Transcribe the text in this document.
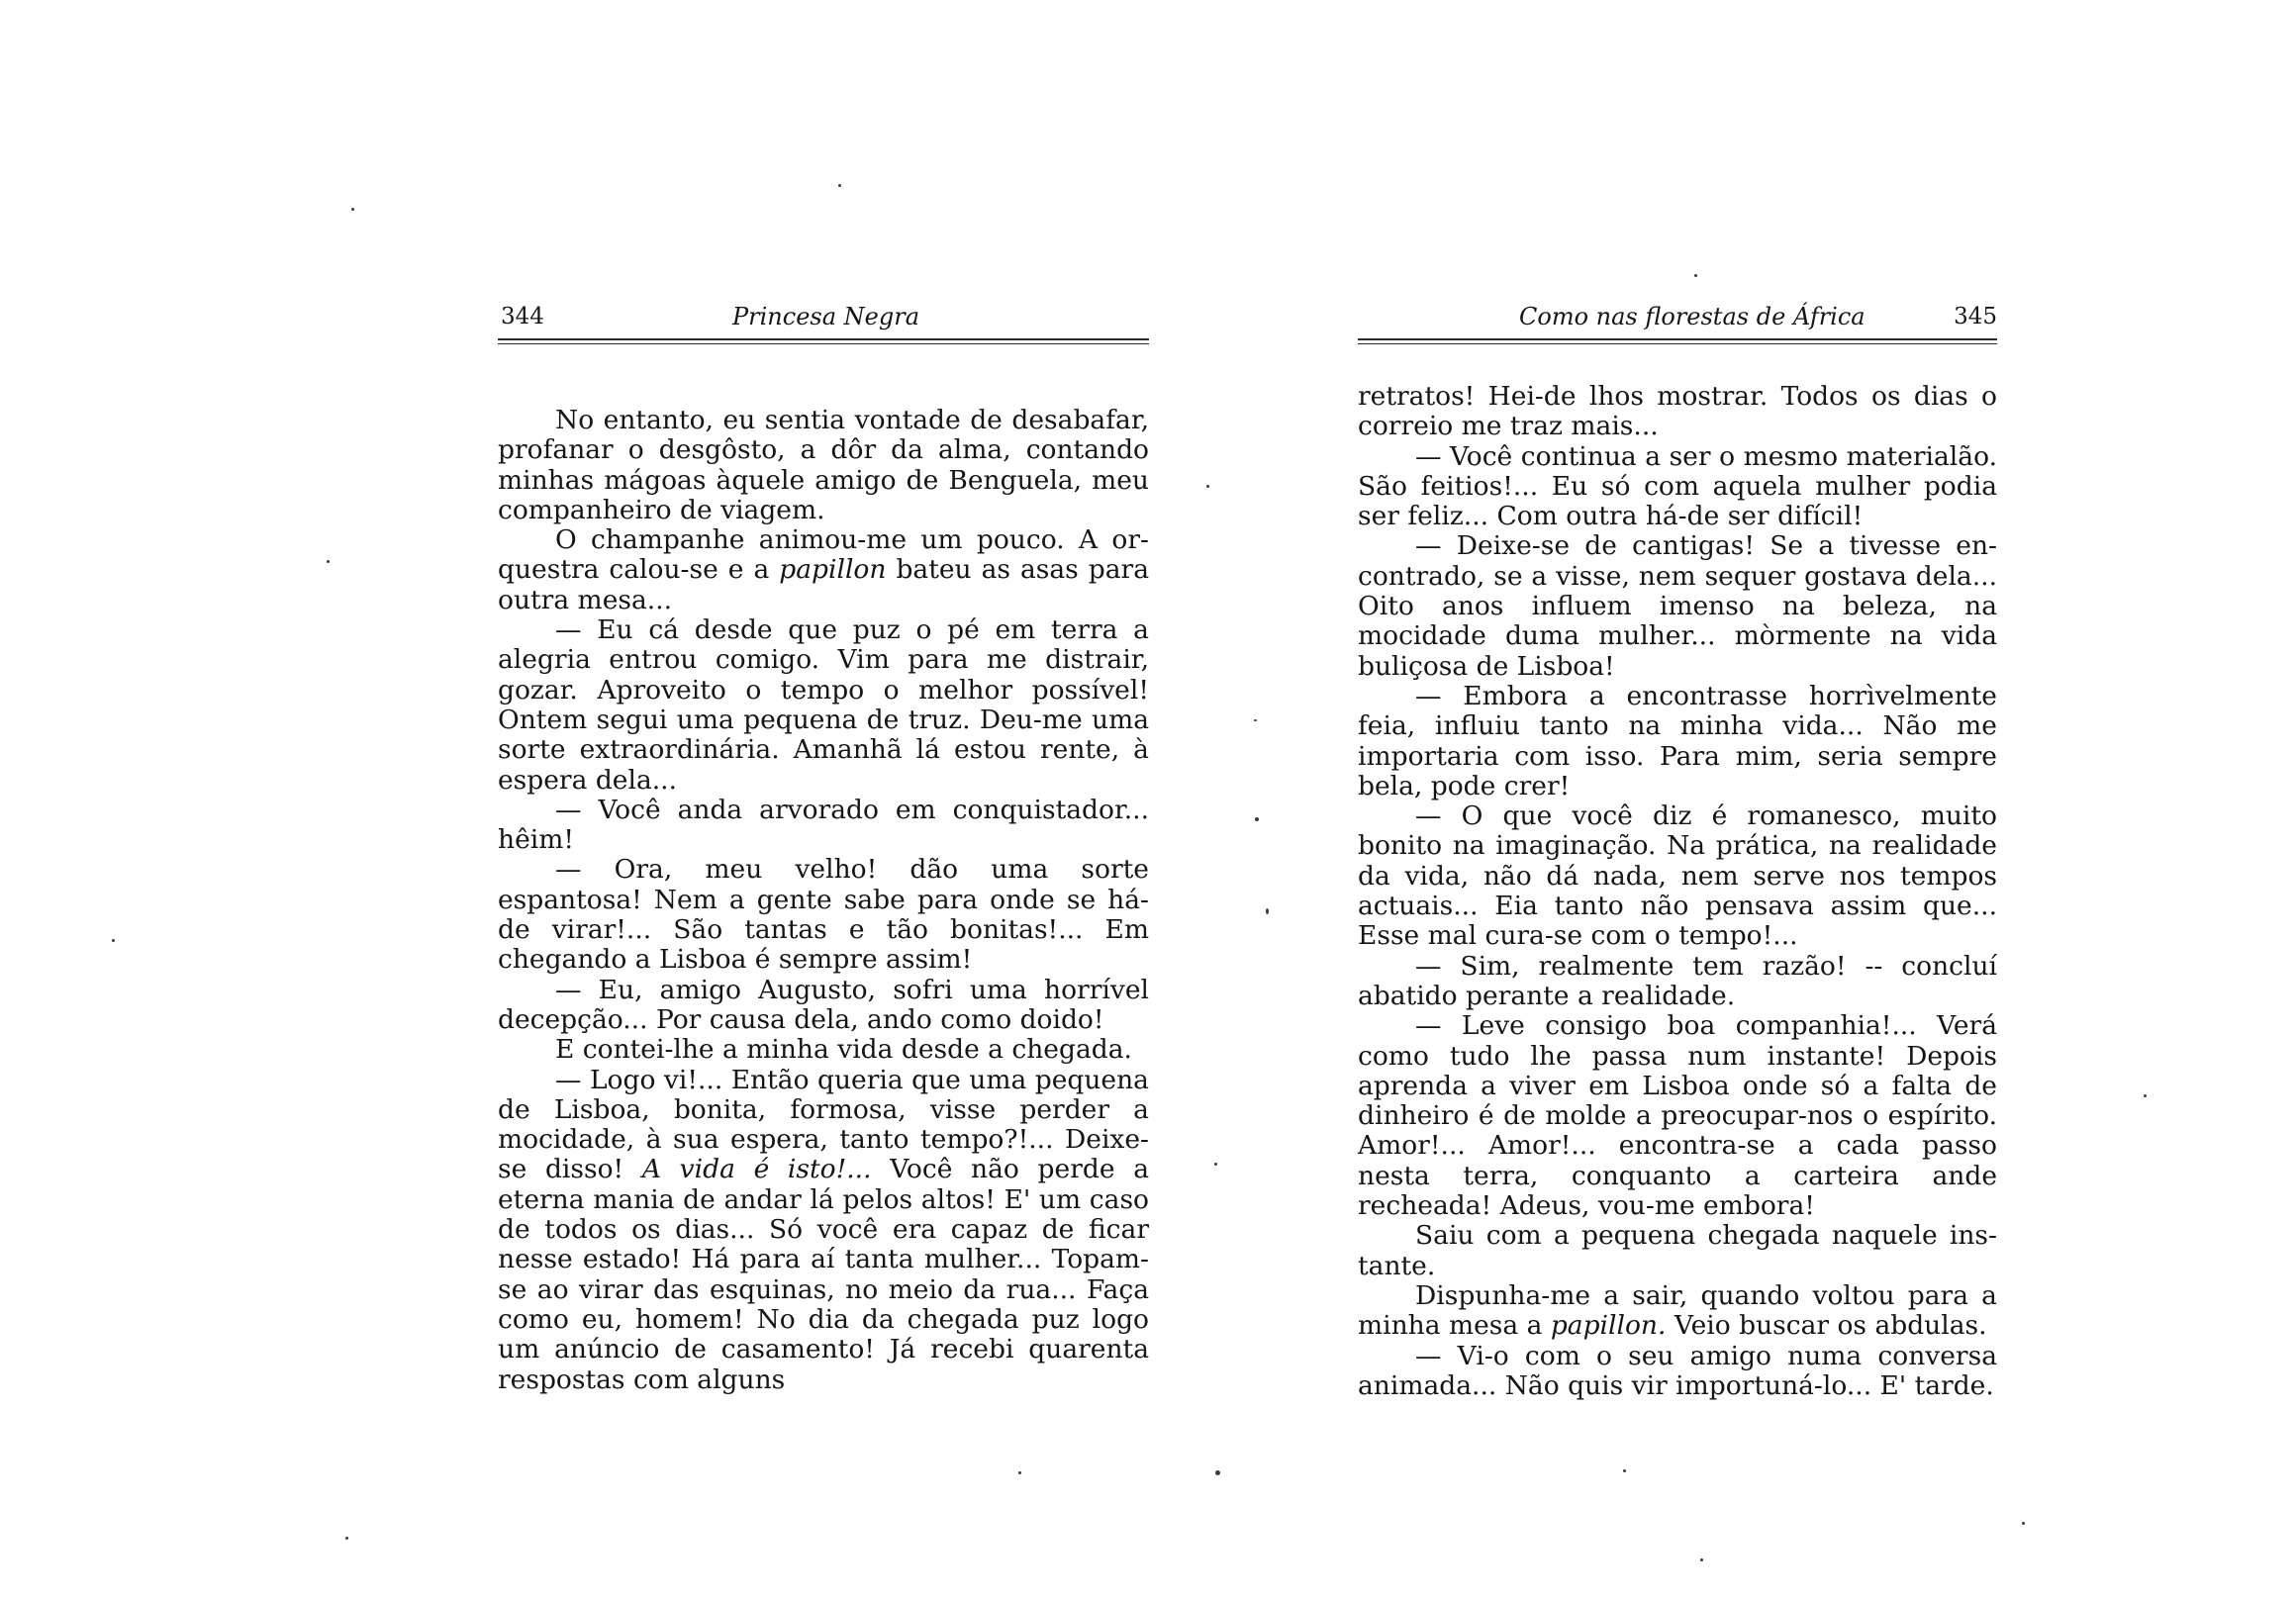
344	Princesa Negra

No entanto, eu sentia vontade de desabafar, profanar o desgôsto, a dôr da alma, contando minhas mágoas àquele amigo de Benguela, meu companheiro de viagem.

O champanhe animou-me um pouco. A orquestra calou-se e a papillon bateu as asas para outra mesa...

— Eu cá desde que puz o pé em terra a alegria entrou comigo. Vim para me distrair, gozar. Aproveito o tempo o melhor possível! Ontem segui uma pequena de truz. Deu-me uma sorte extraordinária. Amanhã lá estou rente, à espera dela...

— Você anda arvorado em conquistador... hêim!

— Ora, meu velho! dão uma sorte espantosa! Nem a gente sabe para onde se há-de virar!... São tantas e tão bonitas!... Em chegando a Lisboa é sempre assim!

— Eu, amigo Augusto, sofri uma horrível decepção... Por causa dela, ando como doido!

E contei-lhe a minha vida desde a chegada.

— Logo vi!... Então queria que uma pequena de Lisboa, bonita, formosa, visse perder a mocidade, à sua espera, tanto tempo?!... Deixe-se disso! A vida é isto!... Você não perde a eterna mania de andar lá pelos altos! E' um caso de todos os dias... Só você era capaz de ficar nesse estado! Há para aí tanta mulher... Topam-se ao virar das esquinas, no meio da rua... Faça como eu, homem! No dia da chegada puz logo um anúncio de casamento! Já recebi quarenta respostas com alguns

Como nas florestas de África	345

retratos! Hei-de lhos mostrar. Todos os dias o correio me traz mais...

— Você continua a ser o mesmo materialão. São feitios!... Eu só com aquela mulher podia ser feliz... Com outra há-de ser difícil!

— Deixe-se de cantigas! Se a tivesse encontrado, se a visse, nem sequer gostava dela... Oito anos influem imenso na beleza, na mocidade duma mulher... mòrmente na vida buliçosa de Lisboa!

— Embora a encontrasse horrìvelmente feia, influiu tanto na minha vida... Não me importaria com isso. Para mim, seria sempre bela, pode crer!

— O que você diz é romanesco, muito bonito na imaginação. Na prática, na realidade da vida, não dá nada, nem serve nos tempos actuais... Eia tanto não pensava assim que... Esse mal cura-se com o tempo!...

— Sim, realmente tem razão! -- concluí abatido perante a realidade.

— Leve consigo boa companhia!... Verá como tudo lhe passa num instante! Depois aprenda a viver em Lisboa onde só a falta de dinheiro é de molde a preocupar-nos o espírito. Amor!... Amor!... encontra-se a cada passo nesta terra, conquanto a carteira ande recheada! Adeus, vou-me embora!

Saiu com a pequena chegada naquele instante.

Dispunha-me a sair, quando voltou para a minha mesa a papillon. Veio buscar os abdulas.

— Vi-o com o seu amigo numa conversa animada... Não quis vir importuná-lo... E' tarde.
